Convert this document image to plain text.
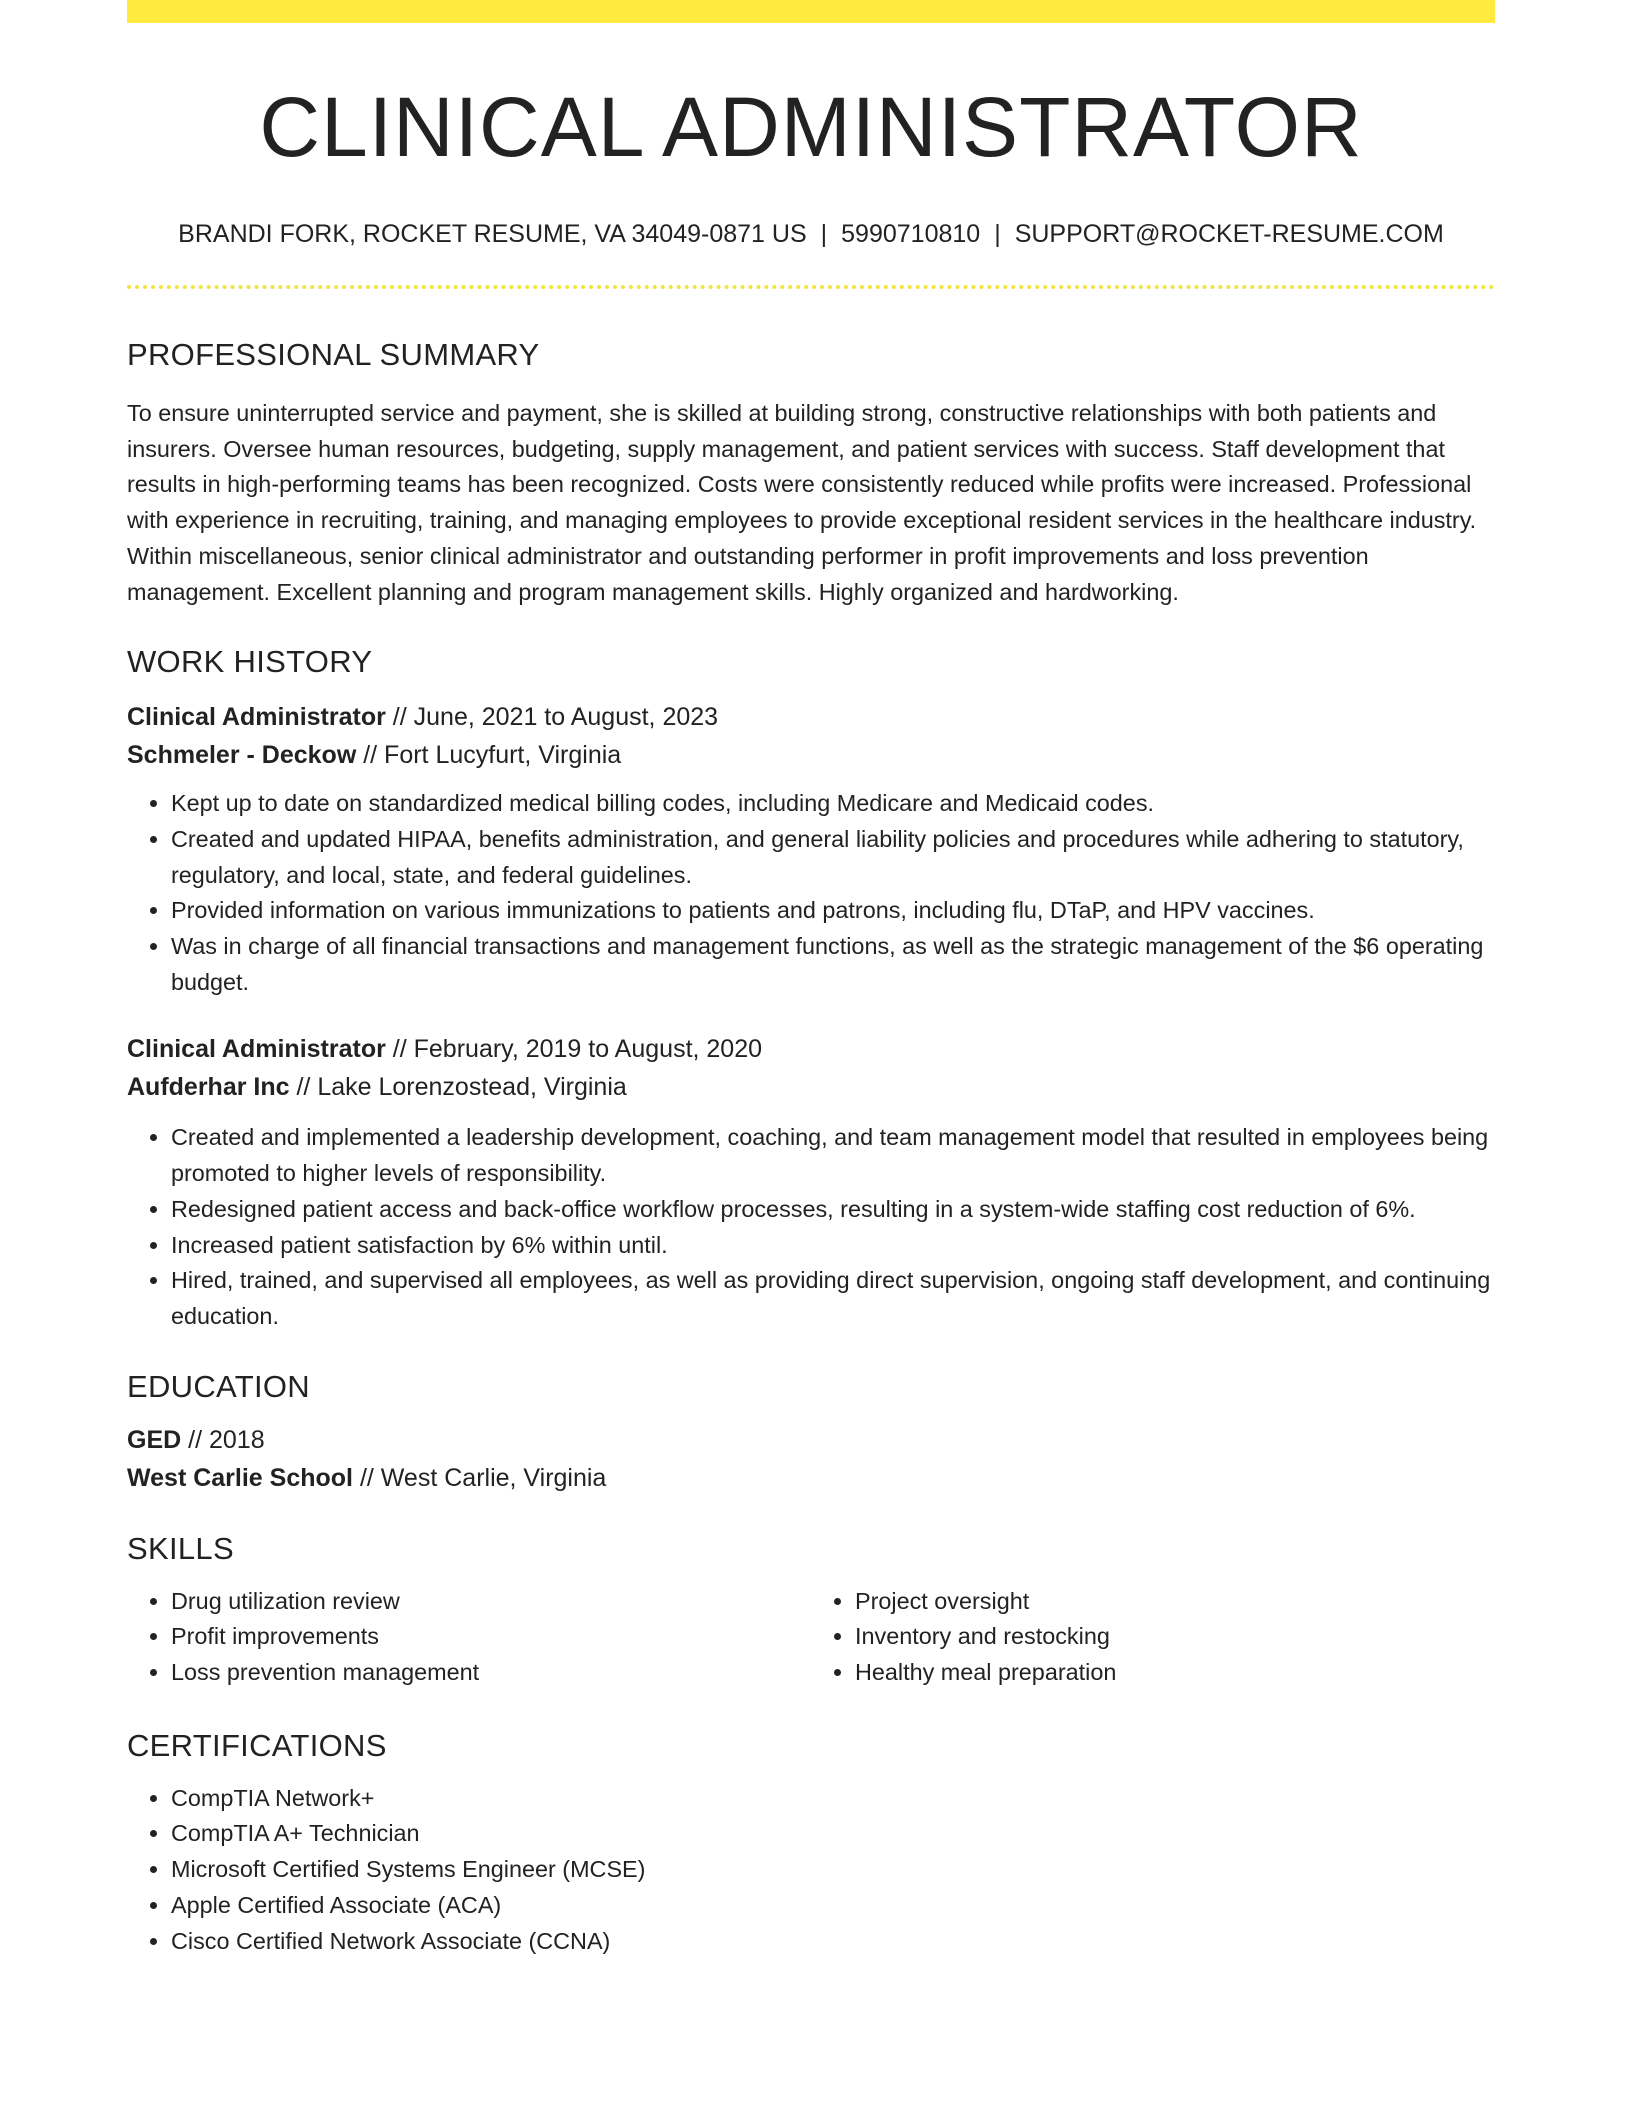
CLINICAL ADMINISTRATOR
BRANDI FORK, ROCKET RESUME, VA 34049-0871 US | 5990710810 | SUPPORT@ROCKET-RESUME.COM
PROFESSIONAL SUMMARY

To ensure uninterrupted service and payment, she is skilled at building strong, constructive relationships with both patients and insurers. Oversee human resources, budgeting, supply management, and patient services with success. Staff development that results in high-performing teams has been recognized. Costs were consistently reduced while profits were increased. Professional with experience in recruiting, training, and managing employees to provide exceptional resident services in the healthcare industry. Within miscellaneous, senior clinical administrator and outstanding performer in profit improvements and loss prevention management. Excellent planning and program management skills. Highly organized and hardworking.

WORK HISTORY
Clinical Administrator // June, 2021 to August, 2023
Schmeler - Deckow // Fort Lucyfurt, Virginia
• Kept up to date on standardized medical billing codes, including Medicare and Medicaid codes.
• Created and updated HIPAA, benefits administration, and general liability policies and procedures while adhering to statutory, regulatory, and local, state, and federal guidelines.
• Provided information on various immunizations to patients and patrons, including flu, DTaP, and HPV vaccines.
• Was in charge of all financial transactions and management functions, as well as the strategic management of the $6 operating budget.
Clinical Administrator // February, 2019 to August, 2020
Aufderhar Inc // Lake Lorenzostead, Virginia
• Created and implemented a leadership development, coaching, and team management model that resulted in employees being promoted to higher levels of responsibility.
• Redesigned patient access and back-office workflow processes, resulting in a system-wide staffing cost reduction of 6%.
• Increased patient satisfaction by 6% within until.
• Hired, trained, and supervised all employees, as well as providing direct supervision, ongoing staff development, and continuing education.
EDUCATION
GED // 2018
West Carlie School // West Carlie, Virginia
SKILLS
• Drug utilization review
• Profit improvements
• Loss prevention management
• Project oversight
• Inventory and restocking
• Healthy meal preparation
CERTIFICATIONS
• CompTIA Network+
• CompTIA A+ Technician
• Microsoft Certified Systems Engineer (MCSE)
• Apple Certified Associate (ACA)
• Cisco Certified Network Associate (CCNA)
